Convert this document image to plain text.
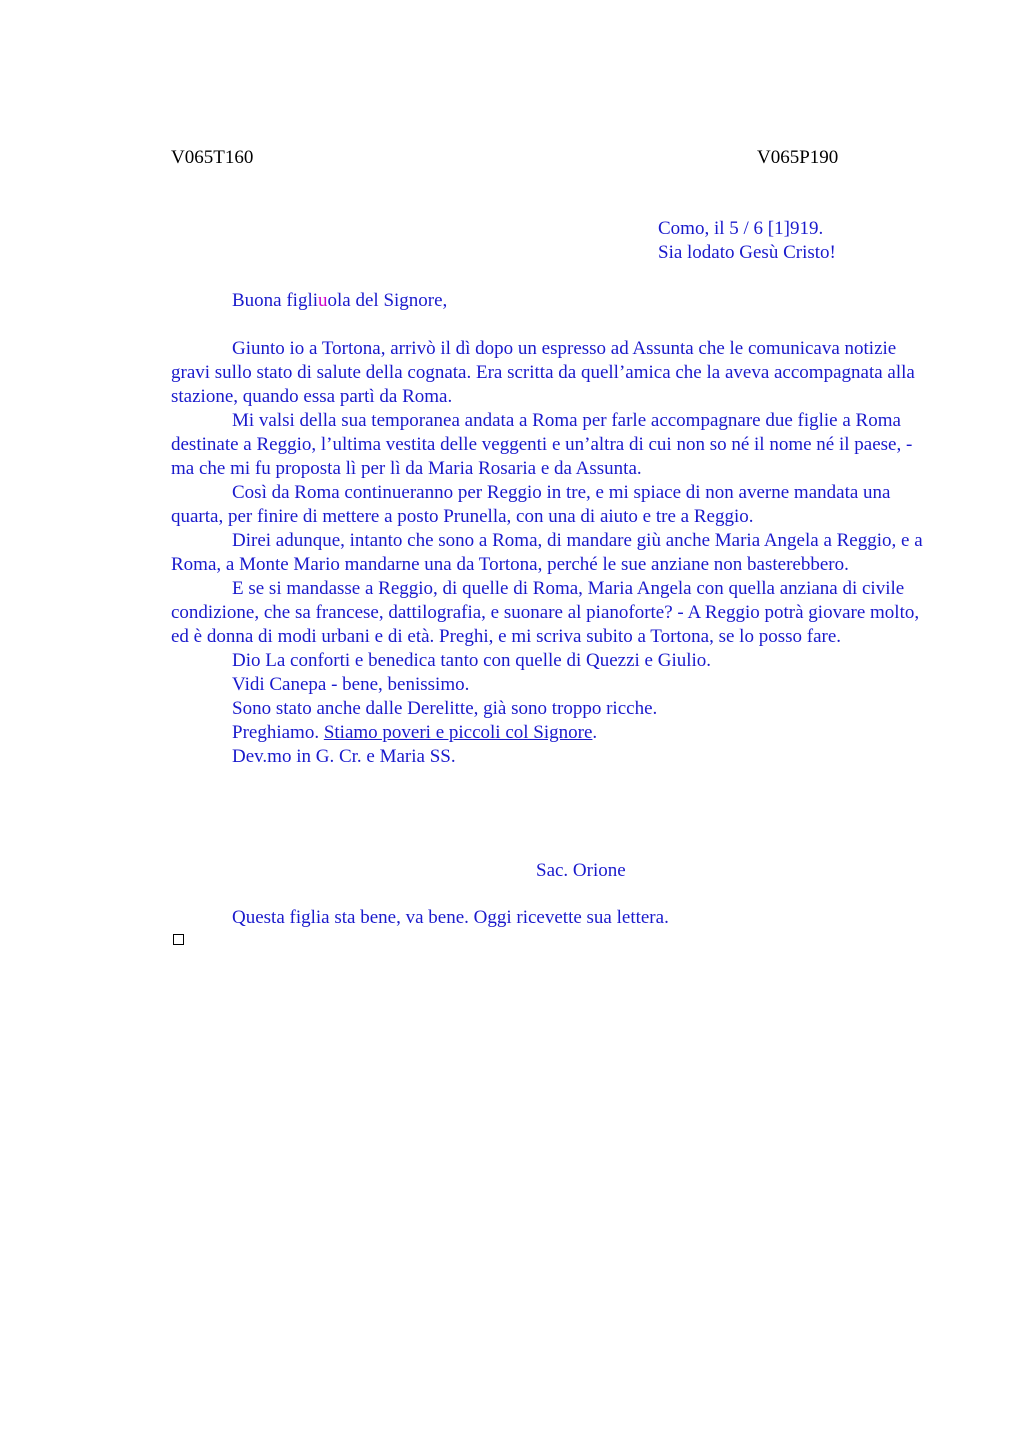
V065T160	V065P190
Como, il 5 / 6 [1]919.
Sia lodato Gesù Cristo!
Buona figliuola del Signore,

Giunto io a Tortona, arrivò il dì dopo un espresso ad Assunta che le comunicava notizie gravi sullo stato di salute della cognata. Era scritta da quell’amica che la aveva accompagnata alla stazione, quando essa partì da Roma.

Mi valsi della sua temporanea andata a Roma per farle accompagnare due figlie a Roma destinate a Reggio, l’ultima vestita delle veggenti e un’altra di cui non so né il nome né il paese, - ma che mi fu proposta lì per lì da Maria Rosaria e da Assunta.

Così da Roma continueranno per Reggio in tre, e mi spiace di non averne mandata una quarta, per finire di mettere a posto Prunella, con una di aiuto e tre a Reggio.

Direi adunque, intanto che sono a Roma, di mandare giù anche Maria Angela a Reggio, e a Roma, a Monte Mario mandarne una da Tortona, perché le sue anziane non basterebbero.

E se si mandasse a Reggio, di quelle di Roma, Maria Angela con quella anziana di civile condizione, che sa francese, dattilografia, e suonare al pianoforte? - A Reggio potrà giovare molto, ed è donna di modi urbani e di età. Preghi, e mi scriva subito a Tortona, se lo posso fare.

Dio La conforti e benedica tanto con quelle di Quezzi e Giulio.

Vidi Canepa - bene, benissimo.

Sono stato anche dalle Derelitte, già sono troppo ricche.

Preghiamo. Stiamo poveri e piccoli col Signore.

Dev.mo in G. Cr. e Maria SS.

Sac. Orione
Questa figlia sta bene, va bene. Oggi ricevette sua lettera.
